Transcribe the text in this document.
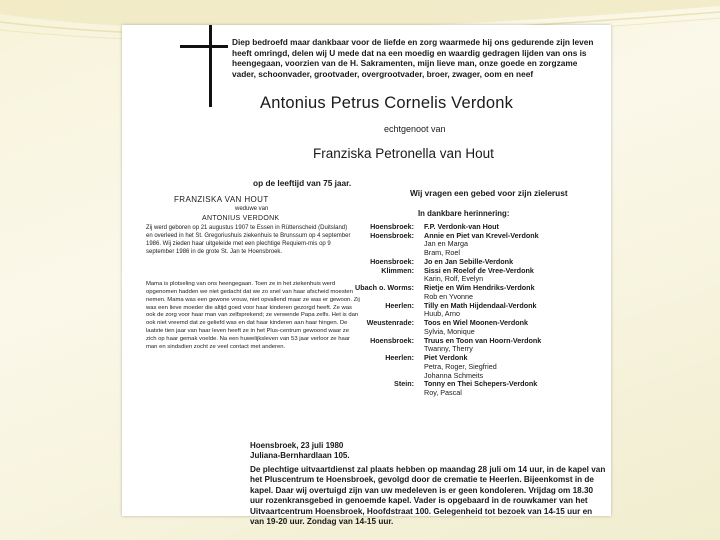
Diep bedroefd maar dankbaar voor de liefde en zorg waarmede hij ons gedurende zijn leven heeft omringd, delen wij U mede dat na een moedig en waardig gedragen lijden van ons is heengegaan, voorzien van de H. Sakramenten, mijn lieve man, onze goede en zorgzame vader, schoonvader, grootvader, overgrootvader, broer, zwager, oom en neef
Antonius Petrus Cornelis Verdonk
echtgenoot van
Franziska Petronella van Hout
op de leeftijd van 75 jaar.
Wij vragen een gebed voor zijn zielerust
FRANZISKA VAN HOUT
weduwe van
ANTONIUS VERDONK
Zij werd geboren op 21 augustus 1907 te Essen in Rüttenscheid (Duitsland) en overleed in het St. Gregoriushuis ziekenhuis te Brunssum op 4 september 1986. Wij zieden haar uitgeleide met een plechtige Requiem-mis op 9 september 1986 in de grote St. Jan te Hoensbroek.
Mama is plotseling van ons heengegaan. Toen ze in het ziekenhuis werd opgenomen hadden we niet gedacht dat we zo snel van haar afscheid moesten nemen. Mama was een gewone vrouw, niet opvallend maar ze was er gewoon. Zij was een lieve moeder die altijd goed voor haar kinderen gezorgd heeft. Ze was ook de zorg voor haar man van zelfsprekend; ze verwende Papa zelfs. Het is dan ook niet vreemd dat ze geliefd was en dat haar kinderen aan haar hingen. De laatste tien jaar van haar leven heeft ze in het Plus-centrum gewoond waar ze zich op haar gemak voelde. Na een huwelijksleven van 53 jaar verloor ze haar man en sindsdien zocht ze veel contact met anderen.
In dankbare herinnering:
Hoensbroek:	F.P. Verdonk-van Hout
Hoensbroek:	Annie en Piet van Krevel-Verdonk
Jan en Marga
Bram, Roel
Hoensbroek:	Jo en Jan Sebille-Verdonk
Klimmen:	Sissi en Roelof de Vree-Verdonk
Karin, Rolf, Evelyn
Ubach o. Worms:	Rietje en Wim Hendriks-Verdonk
Rob en Yvonne
Heerlen:	Tilly en Math Hijdendaal-Verdonk
Huub, Arno
Weustenrade:	Toos en Wiel Moonen-Verdonk
Sylvia, Monique
Hoensbroek:	Truus en Toon van Hoorn-Verdonk
Twanny, Therry
Heerlen:	Piet Verdonk
Petra, Roger, Siegfried
Johanna Schmeits
Stein:	Tonny en Thei Schepers-Verdonk
Roy, Pascal
Hoensbroek, 23 juli 1980
Juliana-Bernhardlaan 105.
De plechtige uitvaartdienst zal plaats hebben op maandag 28 juli om 14 uur, in de kapel van het Pluscentrum te Hoensbroek, gevolgd door de crematie te Heerlen. Bijeenkomst in de kapel. Daar wij overtuigd zijn van uw medeleven is er geen kondoleren. Vrijdag om 18.30 uur rozenkransgebed in genoemde kapel. Vader is opgebaard in de rouwkamer van het Uitvaartcentrum Hoensbroek, Hoofdstraat 100. Gelegenheid tot bezoek van 14-15 uur en van 19-20 uur. Zondag van 14-15 uur.
